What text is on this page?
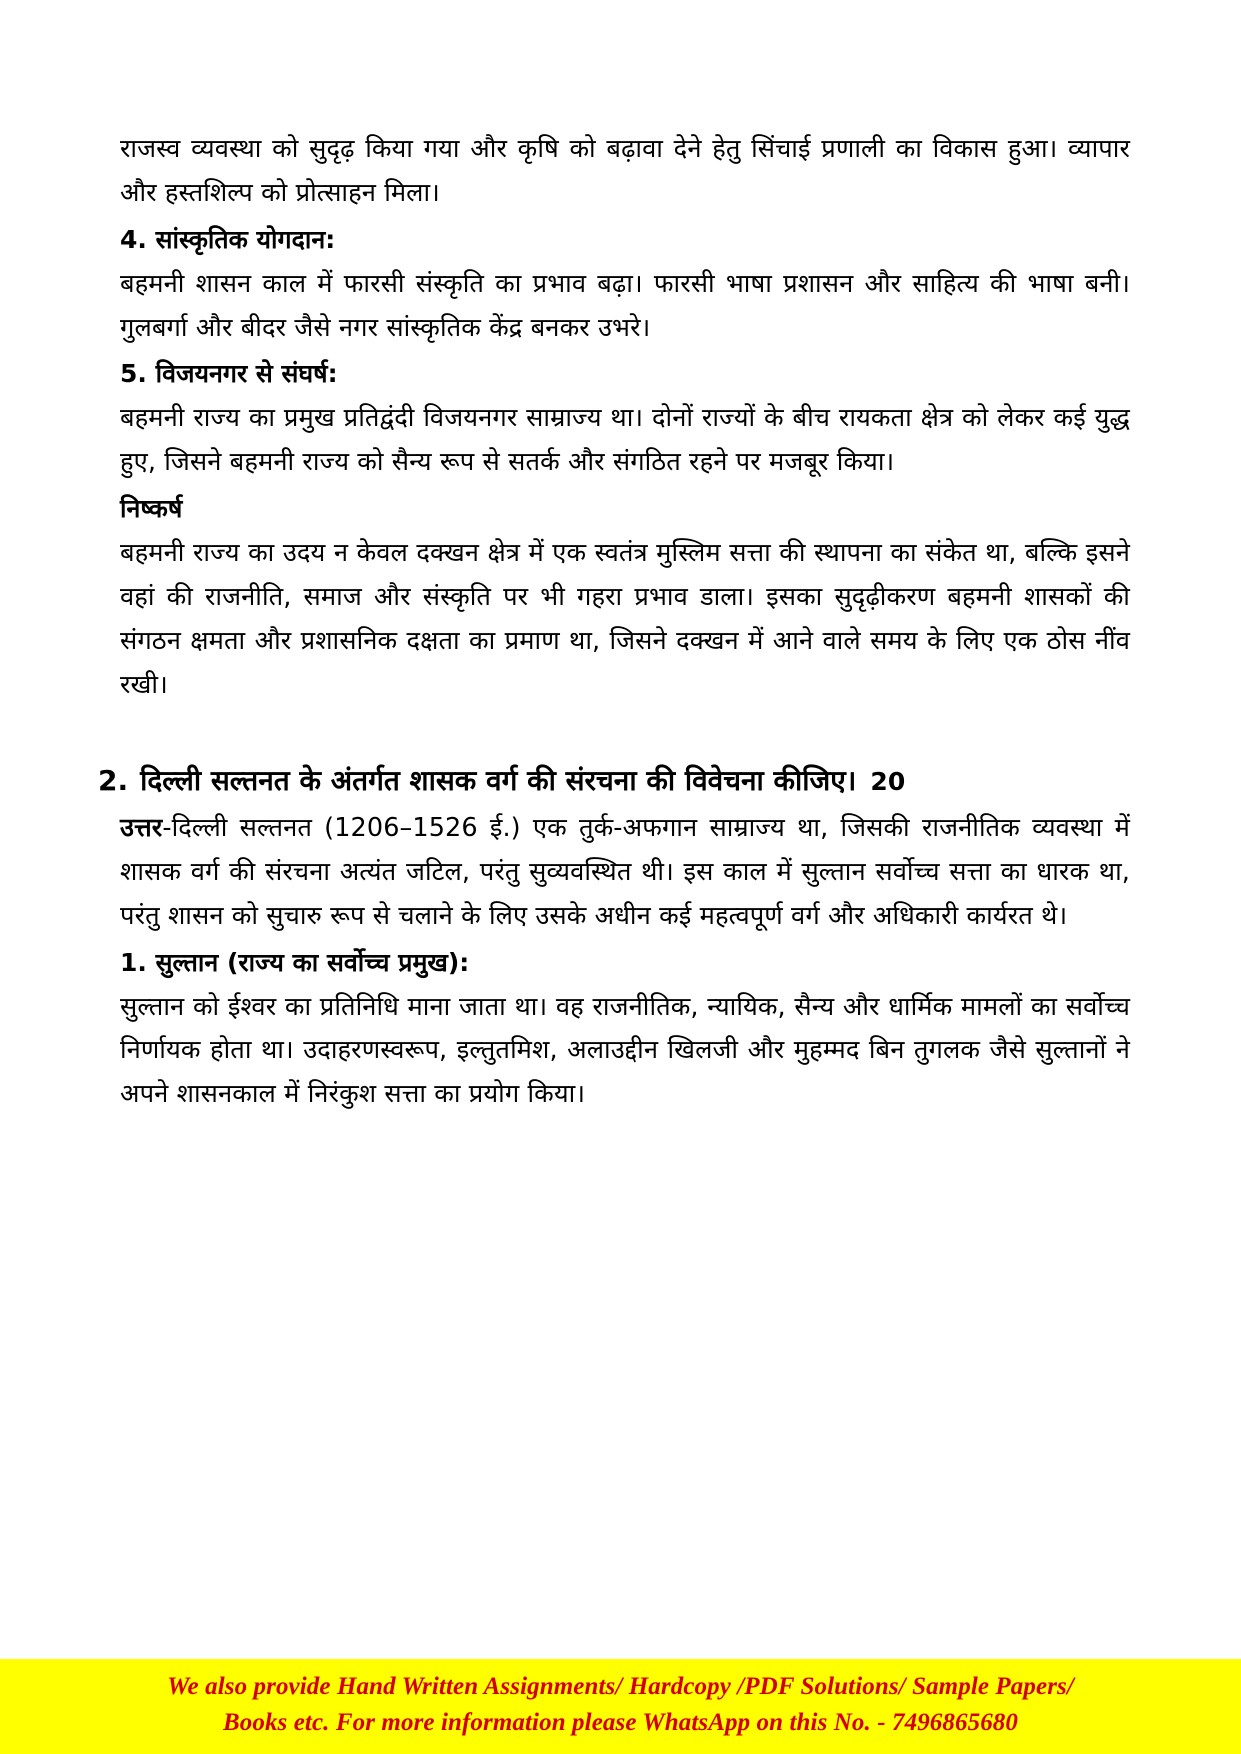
राजस्व व्यवस्था को सुदृढ़ किया गया और कृषि को बढ़ावा देने हेतु सिंचाई प्रणाली का विकास हुआ। व्यापार और हस्तशिल्प को प्रोत्साहन मिला।

4. सांस्कृतिक योगदान:

बहमनी शासन काल में फारसी संस्कृति का प्रभाव बढ़ा। फारसी भाषा प्रशासन और साहित्य की भाषा बनी। गुलबर्गा और बीदर जैसे नगर सांस्कृतिक केंद्र बनकर उभरे।

5. विजयनगर से संघर्ष:

बहमनी राज्य का प्रमुख प्रतिद्वंदी विजयनगर साम्राज्य था। दोनों राज्यों के बीच रायकता क्षेत्र को लेकर कई युद्ध हुए, जिसने बहमनी राज्य को सैन्य रूप से सतर्क और संगठित रहने पर मजबूर किया।

निष्कर्ष

बहमनी राज्य का उदय न केवल दक्खन क्षेत्र में एक स्वतंत्र मुस्लिम सत्ता की स्थापना का संकेत था, बल्कि इसने वहां की राजनीति, समाज और संस्कृति पर भी गहरा प्रभाव डाला। इसका सुदृढ़ीकरण बहमनी शासकों की संगठन क्षमता और प्रशासनिक दक्षता का प्रमाण था, जिसने दक्खन में आने वाले समय के लिए एक ठोस नींव रखी।

2. दिल्ली सल्तनत के अंतर्गत शासक वर्ग की संरचना की विवेचना कीजिए। 20

उत्तर-दिल्ली सल्तनत (1206–1526 ई.) एक तुर्क-अफगान साम्राज्य था, जिसकी राजनीतिक व्यवस्था में शासक वर्ग की संरचना अत्यंत जटिल, परंतु सुव्यवस्थित थी। इस काल में सुल्तान सर्वोच्च सत्ता का धारक था, परंतु शासन को सुचारु रूप से चलाने के लिए उसके अधीन कई महत्वपूर्ण वर्ग और अधिकारी कार्यरत थे।

1. सुल्तान (राज्य का सर्वोच्च प्रमुख):

सुल्तान को ईश्वर का प्रतिनिधि माना जाता था। वह राजनीतिक, न्यायिक, सैन्य और धार्मिक मामलों का सर्वोच्च निर्णायक होता था। उदाहरणस्वरूप, इल्तुतमिश, अलाउद्दीन खिलजी और मुहम्मद बिन तुगलक जैसे सुल्तानों ने अपने शासनकाल में निरंकुश सत्ता का प्रयोग किया।

We also provide Hand Written Assignments/ Hardcopy /PDF Solutions/ Sample Papers/
Books etc. For more information please WhatsApp on this No. - 7496865680
